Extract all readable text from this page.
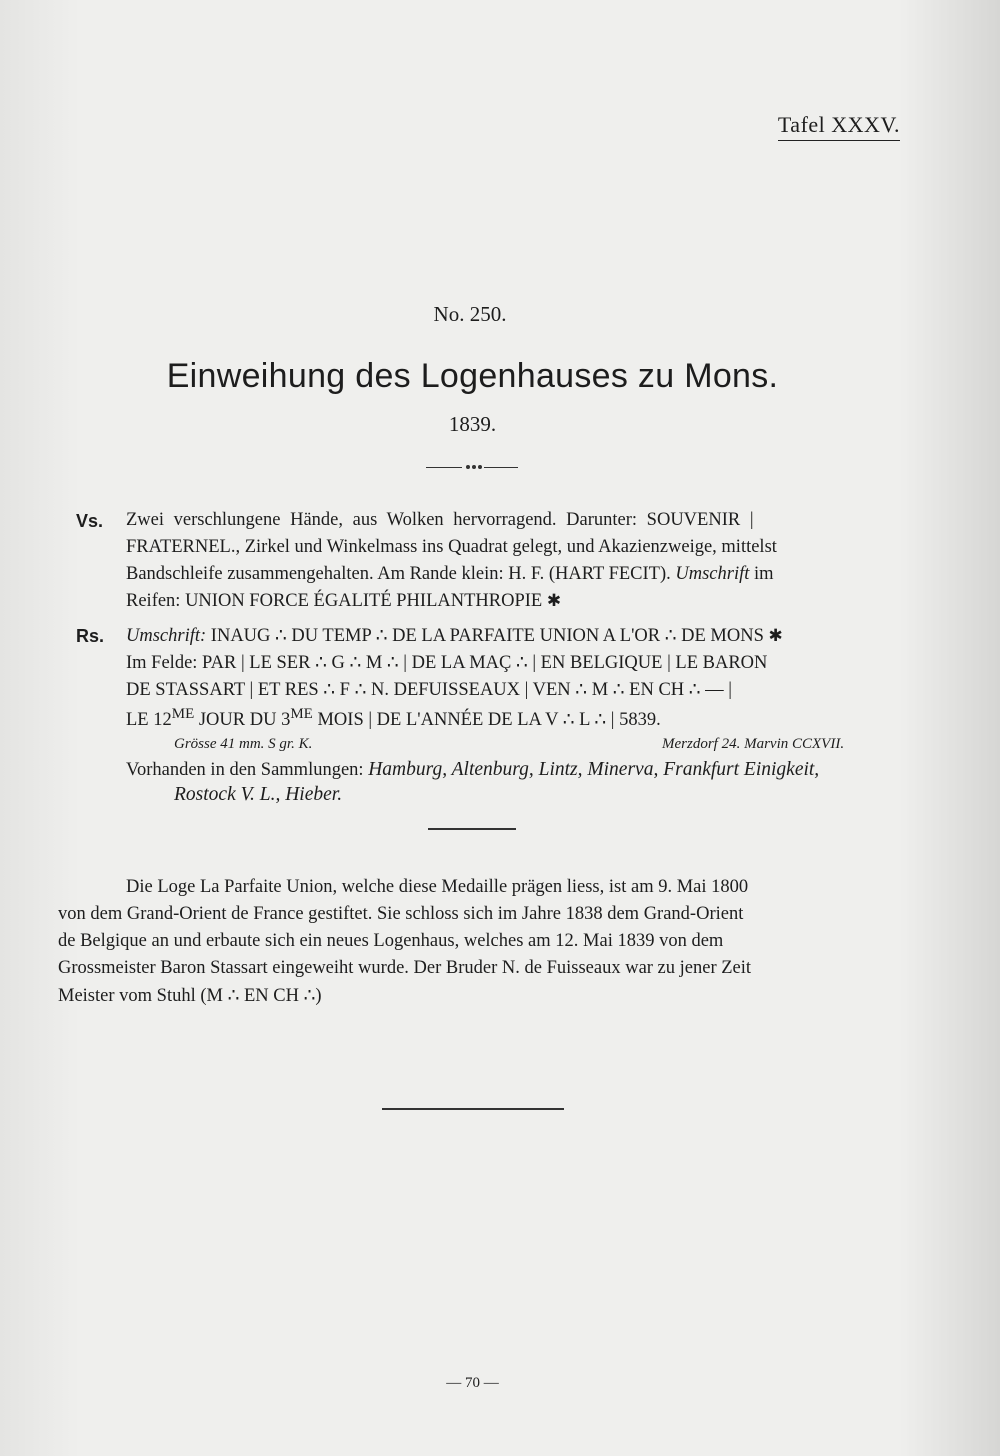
Tafel XXXV.
No. 250.
Einweihung des Logenhauses zu Mons.
1839.
Vs. Zwei verschlungene Hände, aus Wolken hervorragend. Darunter: SOUVENIR |
FRATERNEL., Zirkel und Winkelmass ins Quadrat gelegt, und Akazienzweige, mittelst
Bandschleife zusammengehalten. Am Rande klein: H. F. (HART FECIT). Umschrift im
Reifen: UNION FORCE ÉGALITÉ PHILANTHROPIE ✱
Rs. Umschrift: INAUG ∴ DU TEMP ∴ DE LA PARFAITE UNION A L'OR ∴ DE MONS ✱
Im Felde: PAR | LE SER ∴ G ∴ M ∴ | DE LA MAÇ ∴ | EN BELGIQUE | LE BARON
DE STASSART | ET RES ∴ F ∴ N. DEFUISSEAUX | VEN ∴ M ∴ EN CH ∴ — |
LE $12^{ME}$ JOUR DU $3^{ME}$ MOIS | DE L'ANNÉE DE LA V ∴ L ∴ | 5839.
Grösse 41 mm. S gr. K.	Merzdorf 24. Marvin CCXVII.
Vorhanden in den Sammlungen: Hamburg, Altenburg, Lintz, Minerva, Frankfurt Einigkeit,
Rostock V. L., Hieber.
Die Loge La Parfaite Union, welche diese Medaille prägen liess, ist am 9. Mai 1800
von dem Grand-Orient de France gestiftet. Sie schloss sich im Jahre 1838 dem Grand-Orient
de Belgique an und erbaute sich ein neues Logenhaus, welches am 12. Mai 1839 von dem
Grossmeister Baron Stassart eingeweiht wurde. Der Bruder N. de Fuisseaux war zu jener Zeit
Meister vom Stuhl (M ∴ EN CH ∴)
— 70 —
